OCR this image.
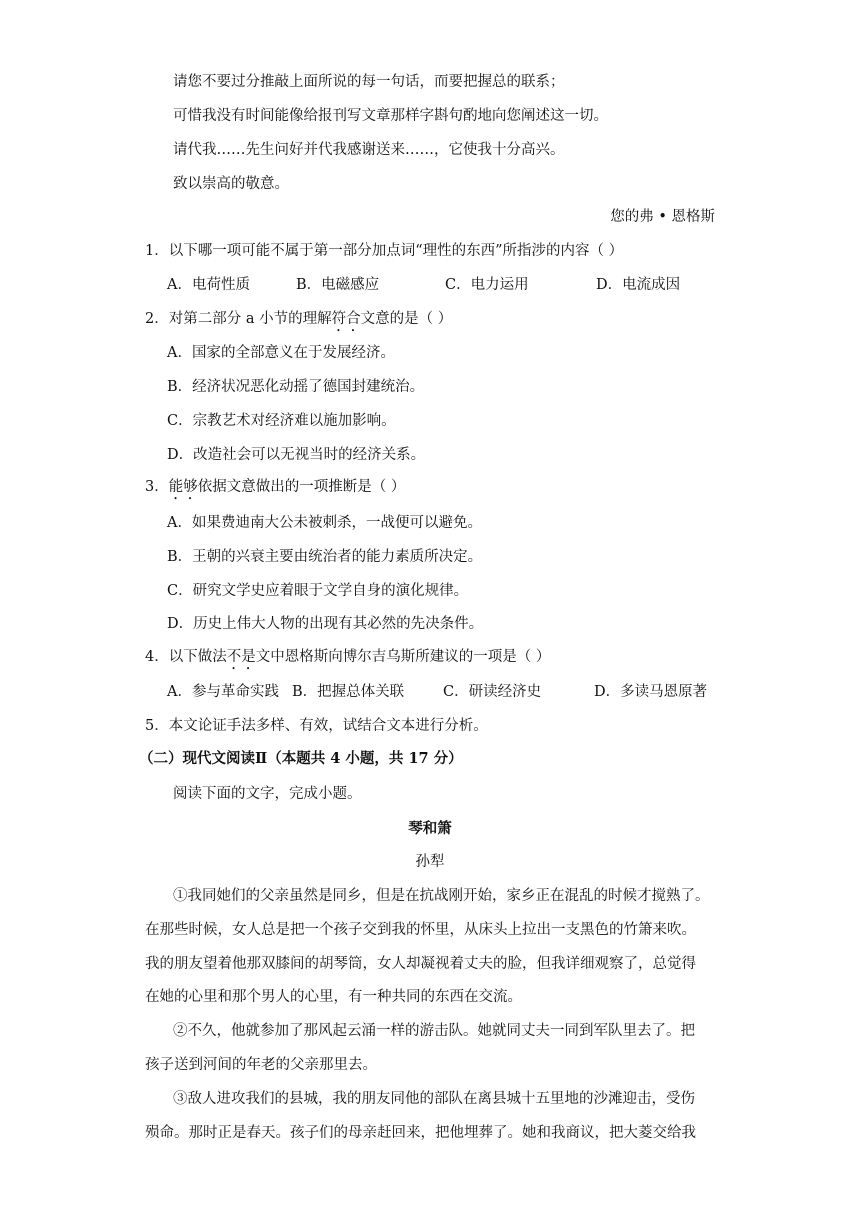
请您不要过分推敲上面所说的每一句话，而要把握总的联系；
可惜我没有时间能像给报刊写文章那样字斟句酌地向您阐述这一切。
请代我……先生问好并代我感谢送来……，它使我十分高兴。
致以崇高的敬意。
您的弗 • 恩格斯
1．以下哪一项可能不属于第一部分加点词“理性的东西”所指涉的内容（ ）
A．电荷性质	B．电磁感应	C．电力运用	D．电流成因
2．对第二部分 a 小节的理解符合文意的是（ ）
A．国家的全部意义在于发展经济。
B．经济状况恶化动摇了德国封建统治。
C．宗教艺术对经济难以施加影响。
D．改造社会可以无视当时的经济关系。
3．能够依据文意做出的一项推断是（ ）
A．如果费迪南大公未被刺杀，一战便可以避免。
B．王朝的兴衰主要由统治者的能力素质所决定。
C．研究文学史应着眼于文学自身的演化规律。
D．历史上伟大人物的出现有其必然的先决条件。
4．以下做法不是文中恩格斯向博尔吉乌斯所建议的一项是（ ）
A．参与革命实践 B．把握总体关联	C．研读经济史	D．多读马恩原著
5．本文论证手法多样、有效，试结合文本进行分析。
（二）现代文阅读Ⅱ（本题共 4 小题，共 17 分）
阅读下面的文字，完成小题。
琴和箫
孙犁
①我同她们的父亲虽然是同乡，但是在抗战刚开始，家乡正在混乱的时候才搅熟了。
在那些时候，女人总是把一个孩子交到我的怀里，从床头上拉出一支黑色的竹箫来吹。
我的朋友望着他那双膝间的胡琴筒，女人却凝视着丈夫的脸，但我详细观察了，总觉得
在她的心里和那个男人的心里，有一种共同的东西在交流。
②不久，他就参加了那风起云涌一样的游击队。她就同丈夫一同到军队里去了。把
孩子送到河间的年老的父亲那里去。
③敌人进攻我们的县城，我的朋友同他的部队在离县城十五里地的沙滩迎击，受伤
殒命。那时正是春天。孩子们的母亲赶回来，把他埋葬了。她和我商议，把大菱交给我
